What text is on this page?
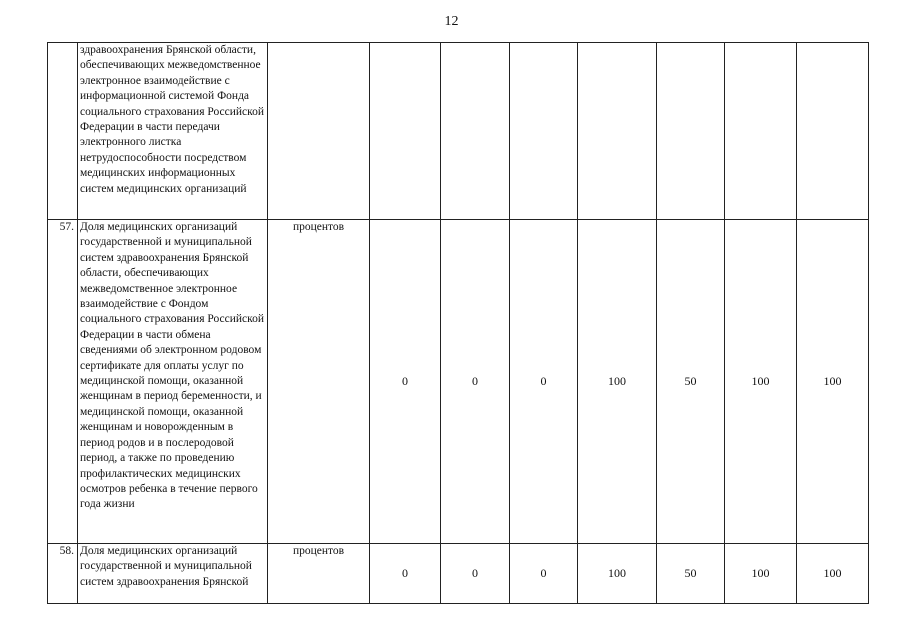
12

	здравоохранения Брянской области, обеспечивающих межведомственное электронное взаимодействие с информационной системой Фонда социального страхования Российской Федерации в части передачи электронного листка нетрудоспособности посредством медицинских информационных систем медицинских организаций								

57.	Доля медицинских организаций государственной и муниципальной систем здравоохранения Брянской области, обеспечивающих межведомственное электронное взаимодействие с Фондом социального страхования Российской Федерации в части обмена сведениями об электронном родовом сертификате для оплаты услуг по медицинской помощи, оказанной женщинам в период беременности, и медицинской помощи, оказанной женщинам и новорожденным в период родов и в послеродовой период, а также по проведению профилактических медицинских осмотров ребенка в течение первого года жизни	процентов	0	0	0	100	50	100	100
58.	Доля медицинских организаций государственной и муниципальной систем здравоохранения Брянской	процентов	0	0	0	100	50	100	100
